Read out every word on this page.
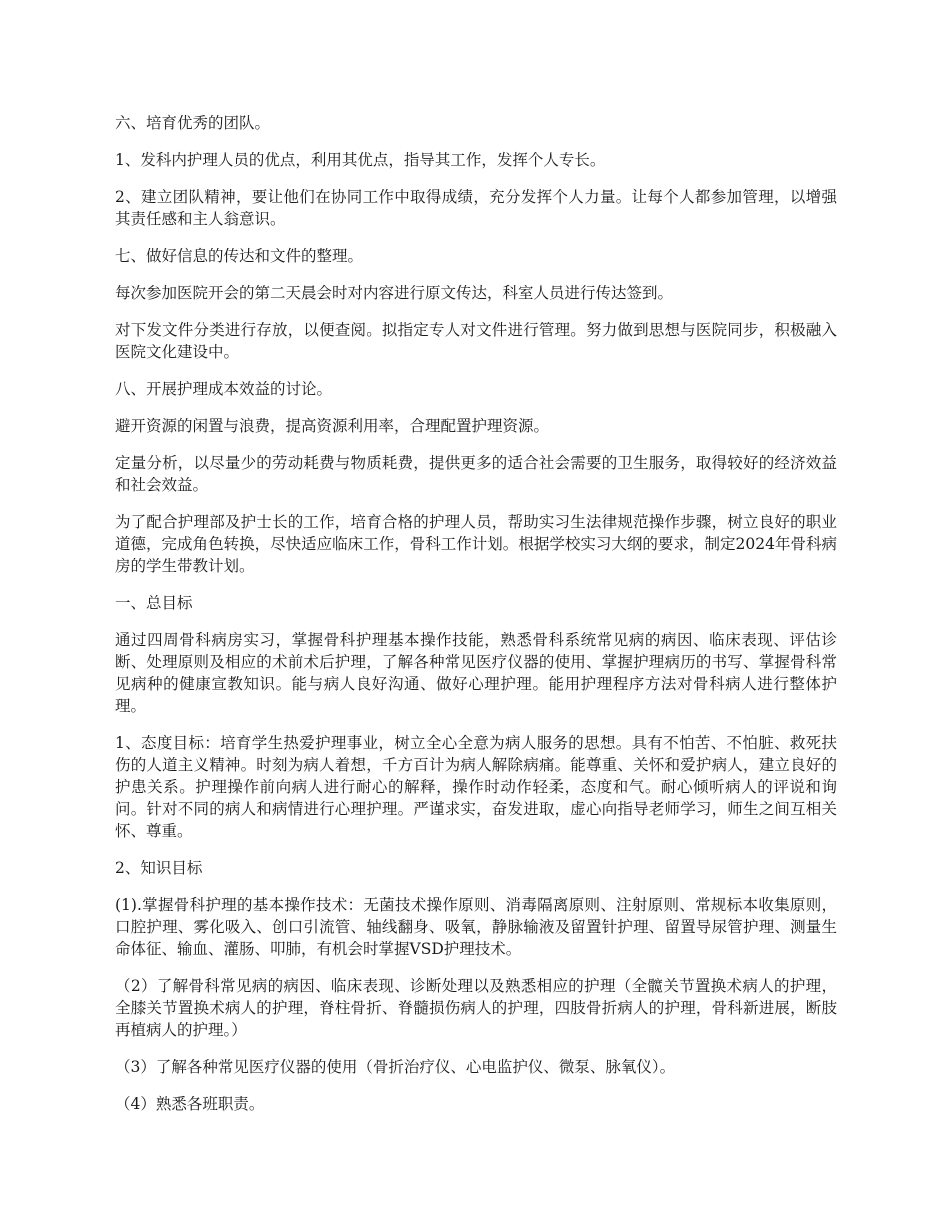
六、培育优秀的团队。

1、发科内护理人员的优点，利用其优点，指导其工作，发挥个人专长。

2、建立团队精神，要让他们在协同工作中取得成绩，充分发挥个人力量。让每个人都参加管理，以增强其责任感和主人翁意识。

七、做好信息的传达和文件的整理。

每次参加医院开会的第二天晨会时对内容进行原文传达，科室人员进行传达签到。

对下发文件分类进行存放，以便查阅。拟指定专人对文件进行管理。努力做到思想与医院同步，积极融入医院文化建设中。

八、开展护理成本效益的讨论。

避开资源的闲置与浪费，提高资源利用率，合理配置护理资源。

定量分析，以尽量少的劳动耗费与物质耗费，提供更多的适合社会需要的卫生服务，取得较好的经济效益和社会效益。

为了配合护理部及护士长的工作，培育合格的护理人员，帮助实习生法律规范操作步骤，树立良好的职业道德，完成角色转换，尽快适应临床工作，骨科工作计划。根据学校实习大纲的要求，制定2024年骨科病房的学生带教计划。

一、总目标

通过四周骨科病房实习，掌握骨科护理基本操作技能，熟悉骨科系统常见病的病因、临床表现、评估诊断、处理原则及相应的术前术后护理，了解各种常见医疗仪器的使用、掌握护理病历的书写、掌握骨科常见病种的健康宣教知识。能与病人良好沟通、做好心理护理。能用护理程序方法对骨科病人进行整体护理。

1、态度目标：培育学生热爱护理事业，树立全心全意为病人服务的思想。具有不怕苦、不怕脏、救死扶伤的人道主义精神。时刻为病人着想，千方百计为病人解除病痛。能尊重、关怀和爱护病人，建立良好的护患关系。护理操作前向病人进行耐心的解释，操作时动作轻柔，态度和气。耐心倾听病人的评说和询问。针对不同的病人和病情进行心理护理。严谨求实，奋发进取，虚心向指导老师学习，师生之间互相关怀、尊重。

2、知识目标

(1).掌握骨科护理的基本操作技术：无菌技术操作原则、消毒隔离原则、注射原则、常规标本收集原则，口腔护理、雾化吸入、创口引流管、轴线翻身、吸氧，静脉输液及留置针护理、留置导尿管护理、测量生命体征、输血、灌肠、叩肺，有机会时掌握VSD护理技术。

（2）了解骨科常见病的病因、临床表现、诊断处理以及熟悉相应的护理（全髋关节置换术病人的护理，全膝关节置换术病人的护理，脊柱骨折、脊髓损伤病人的护理，四肢骨折病人的护理，骨科新进展，断肢再植病人的护理。）

（3）了解各种常见医疗仪器的使用（骨折治疗仪、心电监护仪、微泵、脉氧仪）。

（4）熟悉各班职责。
